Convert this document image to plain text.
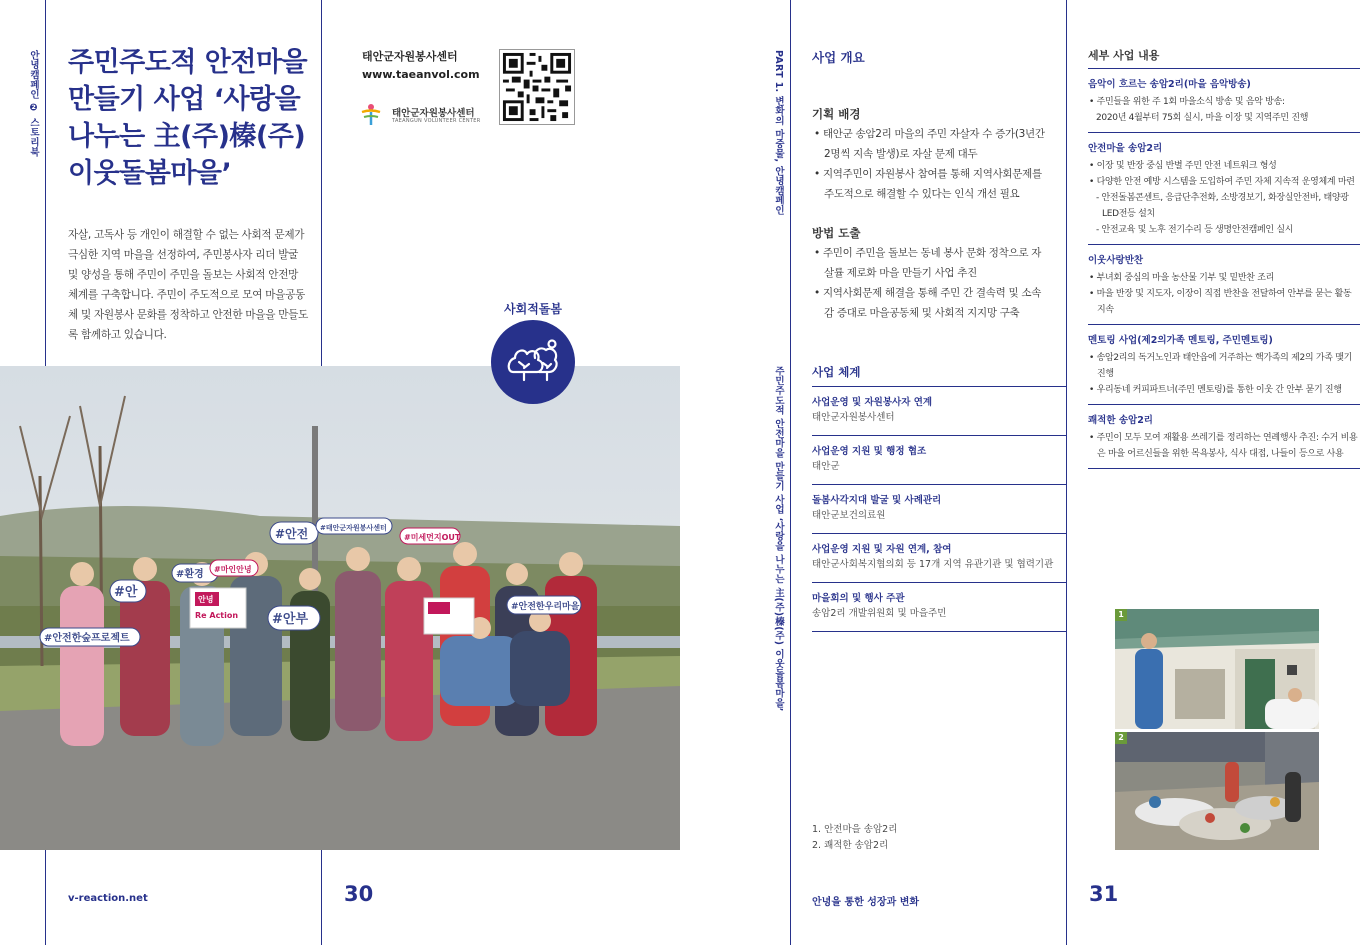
안녕캠페인 ❷ 스토리북 주민주도적 안전마을 만들기 사업 ‘사랑을 나누는 主(주)榛(주) 이웃돌봄마을’

자살, 고독사 등 개인이 해결할 수 없는 사회적 문제가 극심한 지역 마을을 선정하여, 주민봉사자 리더 발굴 및 양성을 통해 주민이 주민을 돌보는 사회적 안전망 체계를 구축합니다. 주민이 주도적으로 모여 마을공동체 및 자원봉사 문화를 정착하고 안전한 마을을 만들도록 함께하고 있습니다.

태안군자원봉사센터
www.taeanvol.com
태안군자원봉사센터
TAEANGUN VOLUNTEER CENTER
#안전 #태안군자원봉사센터
#미세먼지OUT
#환경 #마인안녕
#안
#안전한숲프로젝트
#안부
#안전한우리마을
안녕
Re Action
사회적돌봄
v-reaction.net	30
PART 1. 변화의 마중물, 안녕캠페인
주민주도적 안전마을 만들기 사업 ‘사랑을 나누는 主(주)榛(주) 이웃돌봄마을’
사업 개요
기획 배경
• 태안군 송암2리 마을의 주민 자살자 수 증가(3년간 2명씩 지속 발생)로 자살 문제 대두
• 지역주민이 자원봉사 참여를 통해 지역사회문제를 주도적으로 해결할 수 있다는 인식 개선 필요
방법 도출
• 주민이 주민을 돌보는 동네 봉사 문화 정착으로 자살률 제로화 마을 만들기 사업 추진
• 지역사회문제 해결을 통해 주민 간 결속력 및 소속감 증대로 마을공동체 및 사회적 지지망 구축
사업 체계
사업운영 및 자원봉사자 연계
태안군자원봉사센터
사업운영 지원 및 행정 협조
태안군
돌봄사각지대 발굴 및 사례관리
태안군보건의료원
사업운영 지원 및 자원 연계, 참여
태안군사회복지협의회 등 17개 지역 유관기관 및 협력기관
마을회의 및 행사 주관
송암2리 개발위원회 및 마을주민
1. 안전마을 송암2리
2. 쾌적한 송암2리
안녕을 통한 성장과 변화	31
세부 사업 내용
음악이 흐르는 송암2리(마을 음악방송)
• 주민들을 위한 주 1회 마을소식 방송 및 음악 방송:
2020년 4월부터 75회 실시, 마을 이장 및 지역주민 진행
안전마을 송암2리
• 이장 및 반장 중심 반별 주민 안전 네트워크 형성
• 다양한 안전 예방 시스템을 도입하여 주민 자체 지속적 운영체계 마련
- 안전돌봄콘센트, 응급단추전화, 소방경보기, 화장실안전바, 태양광LED전등 설치
- 안전교육 및 노후 전기수리 등 생명안전캠페인 실시
이웃사랑반찬
• 부녀회 중심의 마을 농산물 기부 및 밑반찬 조리
• 마을 반장 및 지도자, 이장이 직접 반찬을 전달하여 안부를 묻는 활동 지속
멘토링 사업(제2의가족 멘토링, 주민멘토링)
• 송암2리의 독거노인과 태안읍에 거주하는 핵가족의 제2의 가족 맺기 진행
• 우리동네 커피파트너(주민 멘토링)를 통한 이웃 간 안부 묻기 진행
쾌적한 송암2리
• 주민이 모두 모여 재활용 쓰레기를 정리하는 연례행사 추진: 수거 비용은 마을 어르신들을 위한 목욕봉사, 식사 대접, 나들이 등으로 사용
1
2
